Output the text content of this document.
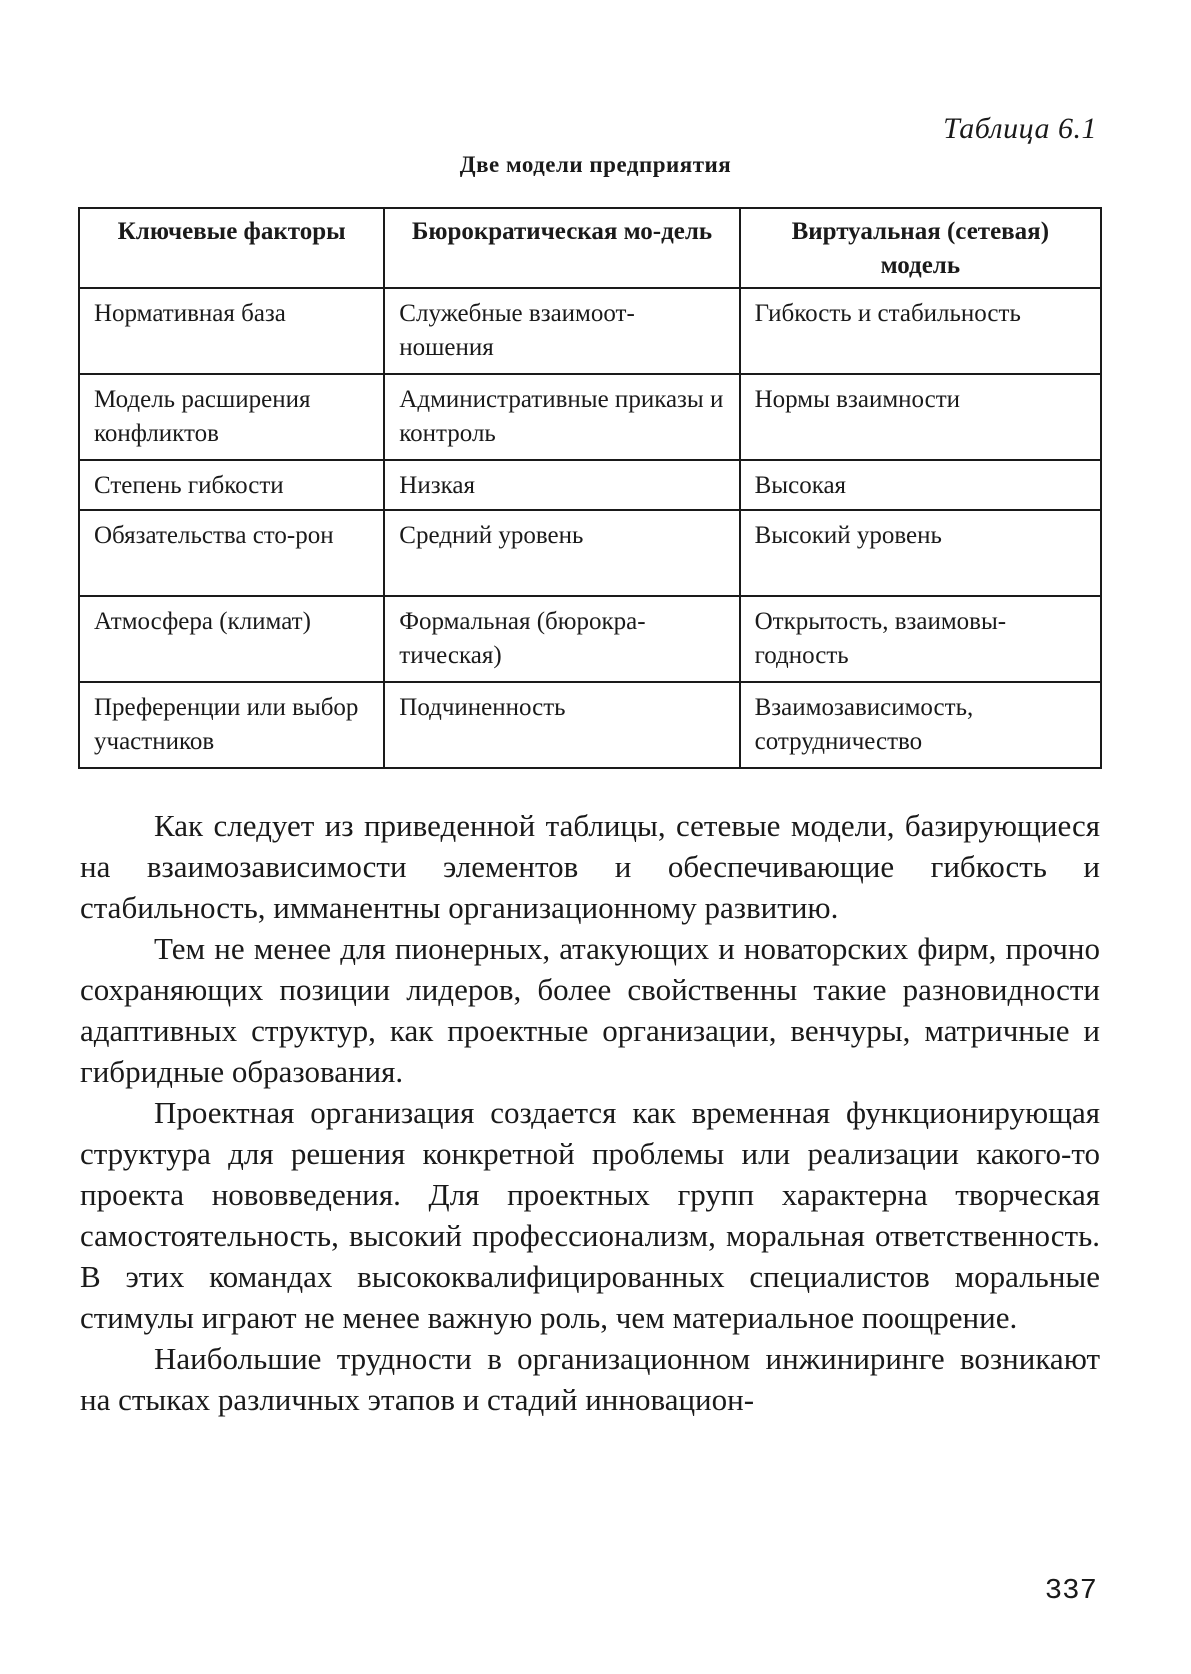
Таблица 6.1
Две модели предприятия
Ключевые факторы	Бюрократическая мо-дель	Виртуальная (сетевая) модель
Нормативная база	Служебные взаимоот-ношения	Гибкость и стабильность
Модель расширения конфликтов	Административные приказы и контроль	Нормы взаимности
Степень гибкости	Низкая	Высокая
Обязательства сто-рон	Средний уровень	Высокий уровень
Атмосфера (климат)	Формальная (бюрокра-тическая)	Открытость, взаимовы-годность
Преференции или выбор участников	Подчиненность	Взаимозависимость, сотрудничество

Как следует из приведенной таблицы, сетевые модели, базирующиеся на взаимозависимости элементов и обеспечивающие гибкость и стабильность, имманентны организационному развитию.

Тем не менее для пионерных, атакующих и новаторских фирм, прочно сохраняющих позиции лидеров, более свойственны такие разновидности адаптивных структур, как проектные организации, венчуры, матричные и гибридные образования.

Проектная организация создается как временная функционирующая структура для решения конкретной проблемы или реализации какого-то проекта нововведения. Для проектных групп характерна творческая самостоятельность, высокий профессионализм, моральная ответственность. В этих командах высококвалифицированных специалистов моральные стимулы играют не менее важную роль, чем материальное поощрение.

Наибольшие трудности в организационном инжиниринге возникают на стыках различных этапов и стадий инновацион-

337
